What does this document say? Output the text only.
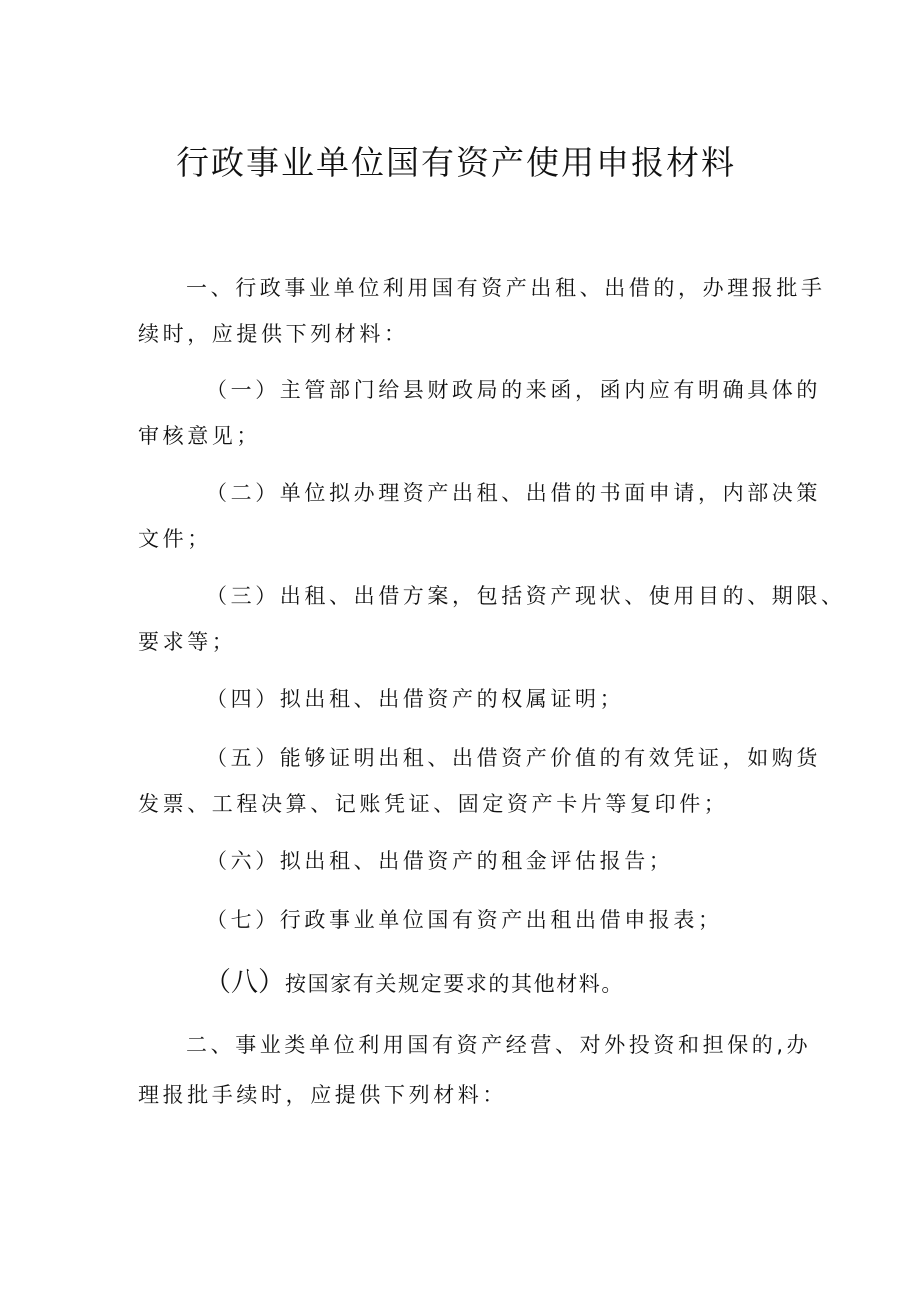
行政事业单位国有资产使用申报材料
一、行政事业单位利用国有资产出租、出借的，办理报批手
续时，应提供下列材料：
（一）主管部门给县财政局的来函，函内应有明确具体的
审核意见；
（二）单位拟办理资产出租、出借的书面申请，内部决策
文件；
（三）出租、出借方案，包括资产现状、使用目的、期限、
要求等；
（四）拟出租、出借资产的权属证明；
（五）能够证明出租、出借资产价值的有效凭证，如购货
发票、工程决算、记账凭证、固定资产卡片等复印件；
（六）拟出租、出借资产的租金评估报告；
（七）行政事业单位国有资产出租出借申报表；
（八）按国家有关规定要求的其他材料。
二、事业类单位利用国有资产经营、对外投资和担保的,办
理报批手续时，应提供下列材料：
